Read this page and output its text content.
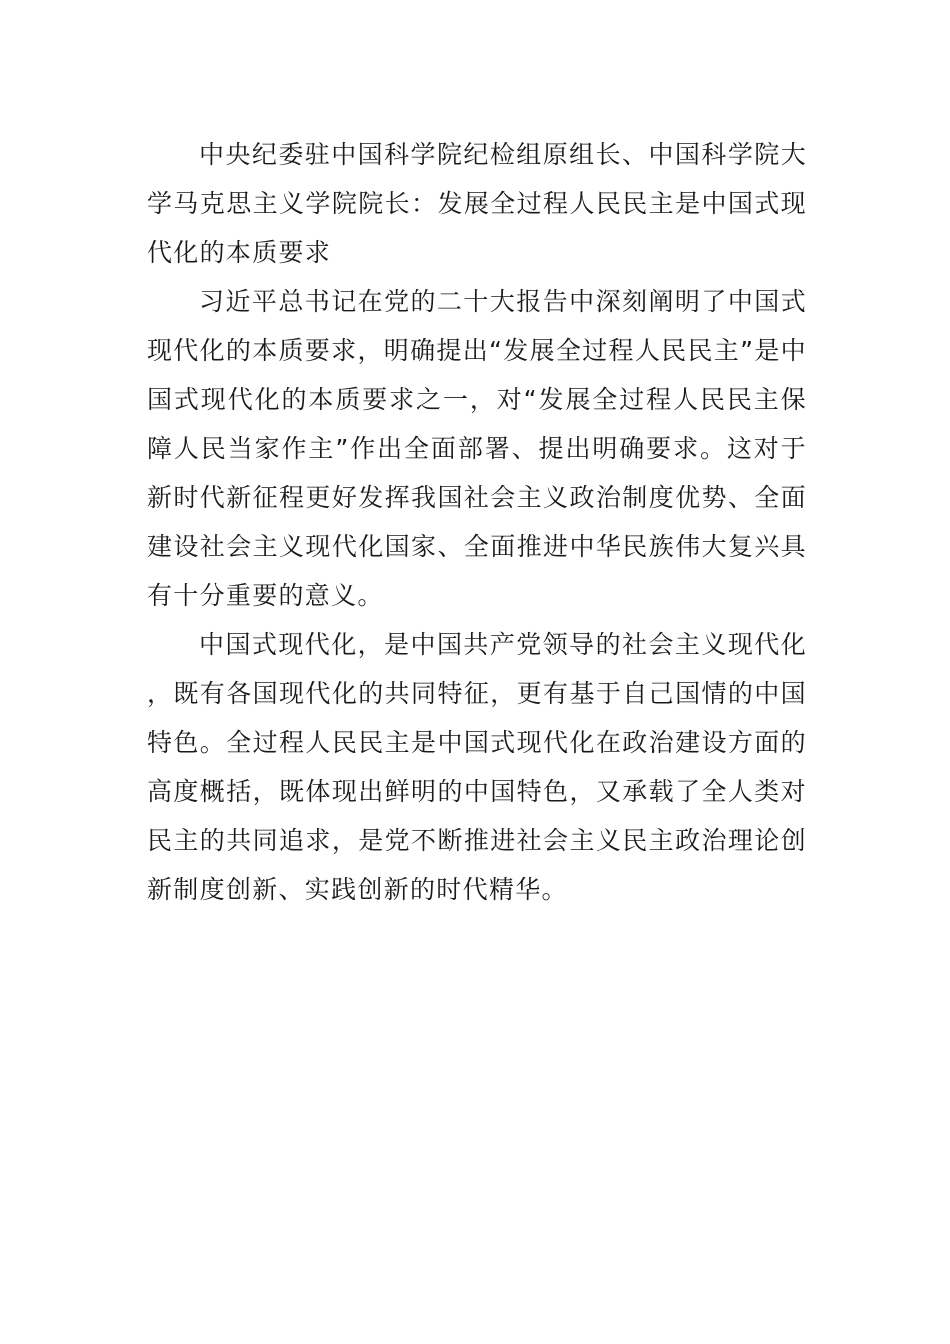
中央纪委驻中国科学院纪检组原组长、中国科学院大学马克思主义学院院长：发展全过程人民民主是中国式现代化的本质要求

习近平总书记在党的二十大报告中深刻阐明了中国式现代化的本质要求，明确提出“发展全过程人民民主”是中国式现代化的本质要求之一，对“发展全过程人民民主保障人民当家作主”作出全面部署、提出明确要求。这对于新时代新征程更好发挥我国社会主义政治制度优势、全面建设社会主义现代化国家、全面推进中华民族伟大复兴具有十分重要的意义。

中国式现代化，是中国共产党领导的社会主义现代化，既有各国现代化的共同特征，更有基于自己国情的中国特色。全过程人民民主是中国式现代化在政治建设方面的高度概括，既体现出鲜明的中国特色，又承载了全人类对民主的共同追求，是党不断推进社会主义民主政治理论创新制度创新、实践创新的时代精华。
